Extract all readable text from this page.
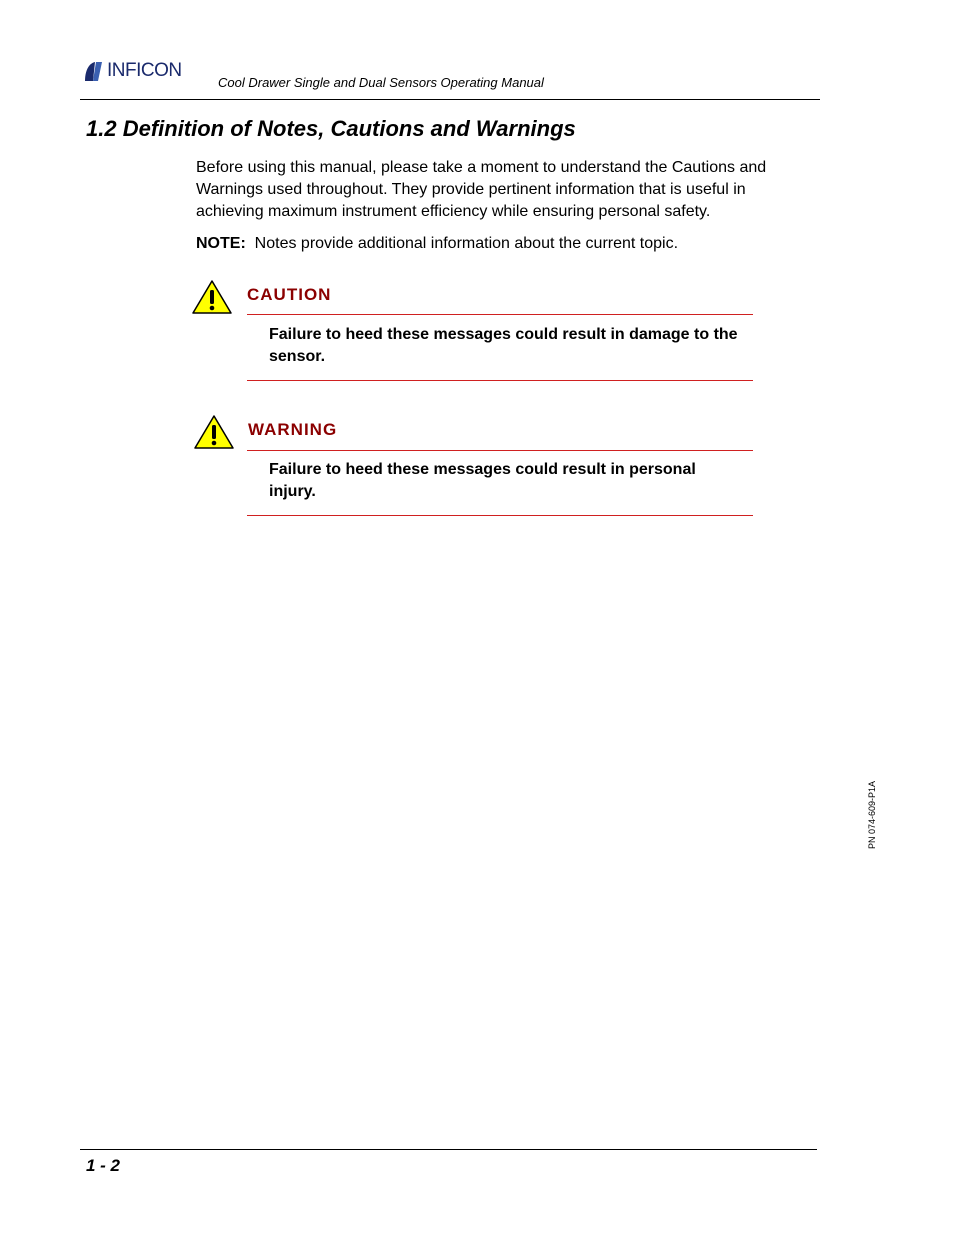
INFICON
Cool Drawer Single and Dual Sensors Operating Manual
1.2 Definition of Notes, Cautions and Warnings

Before using this manual, please take a moment to understand the Cautions and Warnings used throughout. They provide pertinent information that is useful in achieving maximum instrument efficiency while ensuring personal safety.

NOTE: Notes provide additional information about the current topic.

CAUTION
Failure to heed these messages could result in damage to the sensor.
WARNING
Failure to heed these messages could result in personal injury.
PN 074-609-P1A
1 - 2
